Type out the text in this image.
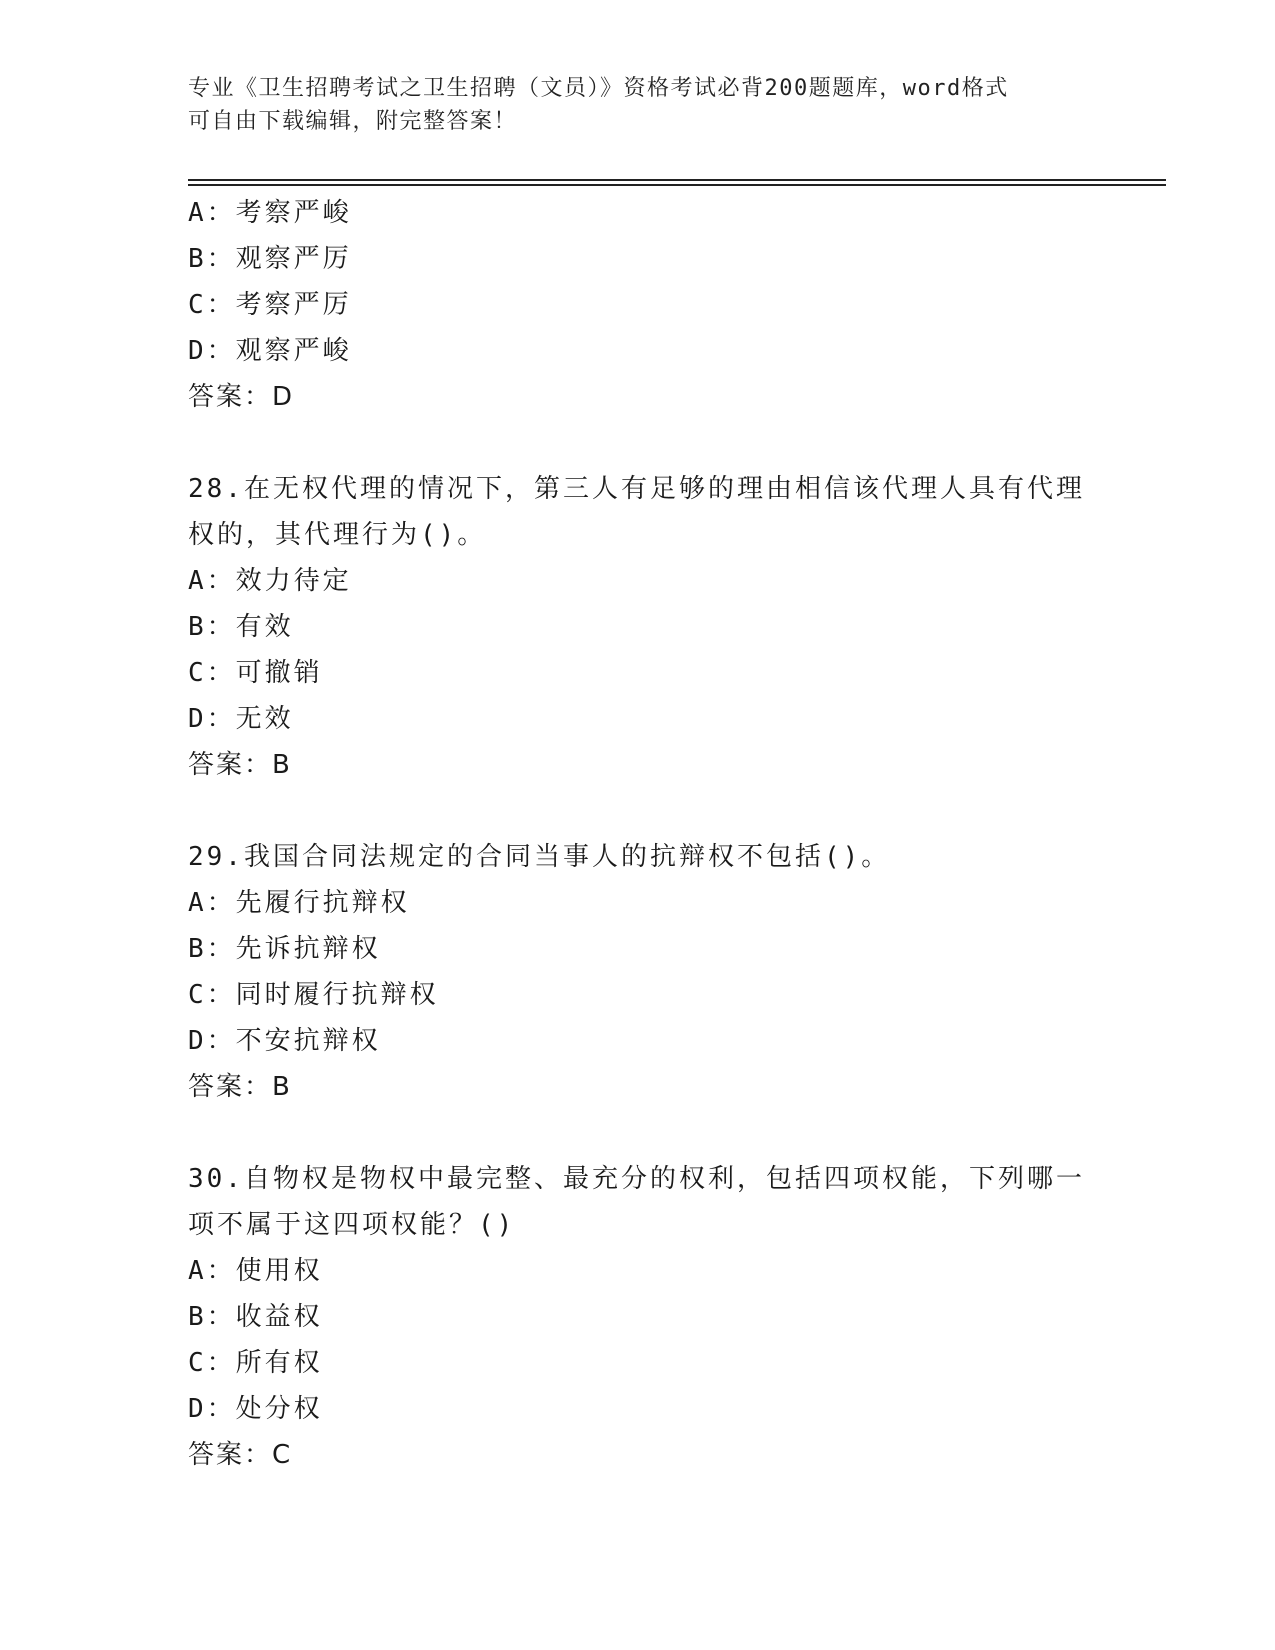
专业《卫生招聘考试之卫生招聘（文员）》资格考试必背200题题库，word格式
可自由下载编辑，附完整答案！
A：考察严峻
B：观察严厉
C：考察严厉
D：观察严峻
答案：D
28.在无权代理的情况下，第三人有足够的理由相信该代理人具有代理
权的，其代理行为()。
A：效力待定
B：有效
C：可撤销
D：无效
答案：B
29.我国合同法规定的合同当事人的抗辩权不包括()。
A：先履行抗辩权
B：先诉抗辩权
C：同时履行抗辩权
D：不安抗辩权
答案：B
30.自物权是物权中最完整、最充分的权利，包括四项权能，下列哪一
项不属于这四项权能？()
A：使用权
B：收益权
C：所有权
D：处分权
答案：C
